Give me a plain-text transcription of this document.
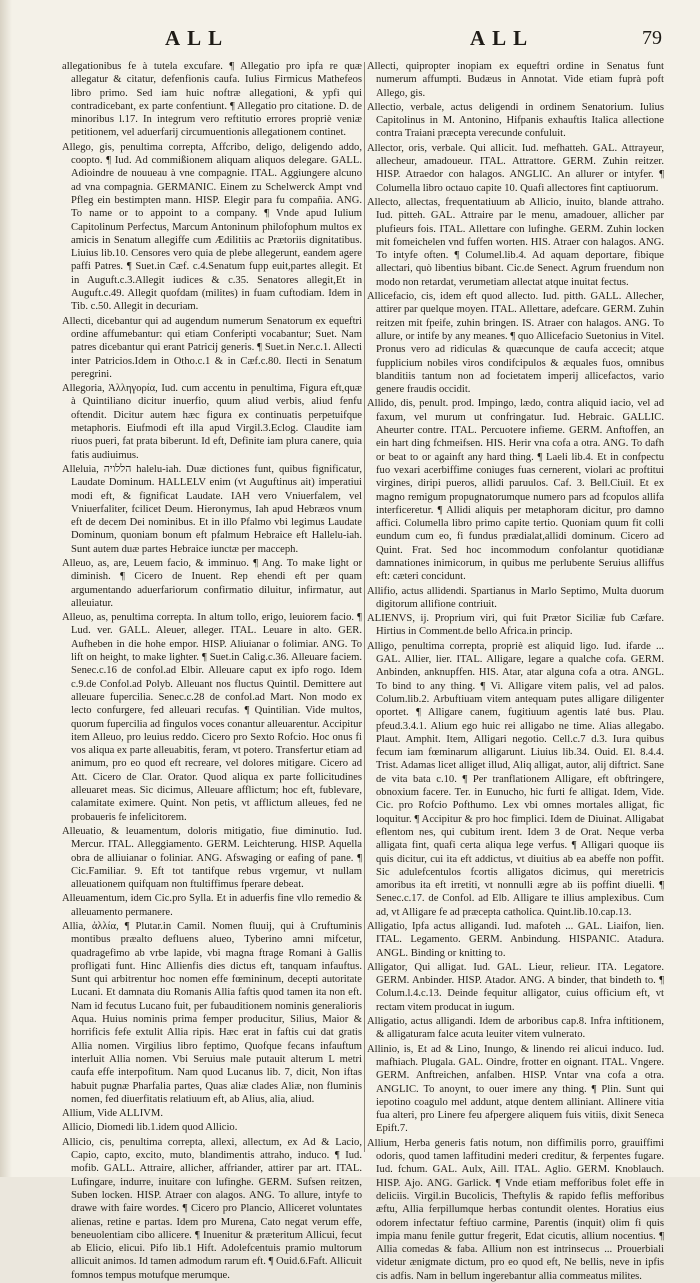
ALL	ALL	79

allegationibus fe à tutela excufare. ¶ Allegatio pro ipfa re quæ allegatur & citatur, defenfionis caufa. Iulius Firmicus Mathefeos libro primo. Sed iam huic noftræ allegationi, & ypfi qui contradicebant, ex parte confentiunt. ¶ Allegatio pro citatione. D. de minoribus l.17. In integrum vero reftitutio errores propriè veniæ petitionem, vel aduerfarij circumuentionis allegationem continet.

Allego, gis, penultima correpta, Affcribo, deligo, deligendo addo, coopto. ¶ Iud. Ad commißionem aliquam aliquos delegare. GALL. Adioindre de nouueau à vne compagnie. ITAL. Aggiungere alcuno ad vna compagnia. GERMANIC. Einem zu Schelwerck Ampt vnd Pfleg ein bestimpten mann. HISP. Elegir para fu compañia. ANG. To name or to appoint to a company. ¶ Vnde apud Iulium Capitolinum Perfectus, Marcum Antoninum philofophum multos ex amicis in Senatum allegiffe cum Ædilitiis ac Prætoriis dignitatibus. Liuius lib.10. Censores vero quia de plebe allegerunt, eandem agere paffi Patres. ¶ Suet.in Cæf. c.4.Senatum fupp euit,partes allegit. Et in Auguft.c.3.Allegit iudices & c.35. Senatores allegit,Et in Auguft.c.49. Allegit quofdam (milites) in fuam cuftodiam. Idem in Tib. c.50. Allegit in decuriam.

Allecti, dicebantur qui ad augendum numerum Senatorum ex equeftri ordine affumebantur: qui etiam Conferipti vocabantur; Suet. Nam patres dicebantur qui erant Patricij generis. ¶ Suet.in Ner.c.1. Allecti inter Patricios.Idem in Otho.c.1 & in Cæf.c.80. Ilecti in Senatum peregrini.

Allegoria, Ἀλληγορία, Iud. cum accentu in penultima, Figura eft,quæ à Quintiliano dicitur inuerfio, quum aliud verbis, aliud fenfu oftendit. Dicitur autem hæc figura ex continuatis perpetuifque metaphoris. Eiufmodi eft illa apud Virgil.3.Eclog. Claudite iam riuos pueri, fat prata biberunt. Id eft, Definite iam plura canere, quia fatis audiuimus.

Alleluia, הללויה halelu-iah. Duæ dictiones funt, quibus fignificatur, Laudate Dominum. HALLELV enim (vt Auguftinus ait) imperatiui modi eft, & fignificat Laudate. IAH vero Vniuerfalem, vel Vniuerfaliter, fcilicet Deum. Hieronymus, Iah apud Hebræos vnum eft de decem Dei nominibus. Et in illo Pfalmo vbi legimus Laudate Dominum, quoniam bonum eft pfalmum Hebraice eft Hallelu-iah. Sunt autem duæ partes Hebraice iunctæ per macceph.

Alleuo, as, are, Leuem facio, & imminuo. ¶ Ang. To make light or diminish. ¶ Cicero de Inuent. Rep ehendi eft per quam argumentando aduerfariorum confirmatio diluitur, infirmatur, aut alleuiatur.

Alleuo, as, penultima correpta. In altum tollo, erigo, leuiorem facio. ¶ Lud. ver. GALL. Aleuer, alleger. ITAL. Leuare in alto. GER. Aufheben in die hohe empor. HISP. Aliuianar o folimiar. ANG. To lift on height, to make lighter. ¶ Suet.in Calig.c.36. Alleuare faciem. Senec.c.16 de confol.ad Elbir. Alleuare caput ex ipfo rogo. Idem c.9.de Confol.ad Polyb. Alleuant nos fluctus Quintil. Demittere aut alleuare fupercilia. Senec.c.28 de confol.ad Mart. Non modo ex lecto confurgere, fed alleuari recufas. ¶ Quintilian. Vide multos, quorum fupercilia ad fingulos voces conantur alleuarentur. Accipitur item Alleuo, pro leuius reddo. Cicero pro Sexto Rofcio. Hoc onus fi vos aliqua ex parte alleuabitis, feram, vt potero. Transfertur etiam ad animum, pro eo quod eft recreare, vel dolores mitigare. Cicero ad Att. Cicero de Clar. Orator. Quod aliqua ex parte follicitudines alleuaret meas. Sic dicimus, Alleuare afflictum; hoc eft, fublevare, calamitate eximere. Quint. Non petis, vt afflictum alleues, fed ne probaueris fe infelicitorem.

Alleuatio, & leuamentum, doloris mitigatio, fiue diminutio. Iud. Mercur. ITAL. Alleggiamento. GERM. Leichterung. HISP. Aquella obra de alliuianar o foliniar. ANG. Afswaging or eafing of pane. ¶ Cic.Familiar. 9. Eft tot tantifque rebus vrgemur, vt nullam alleuationem quifquam non ftultiffimus fperare debeat.

Alleuamentum, idem Cic.pro Sylla. Et in aduerfis fine vllo remedio & alleuamento permanere.

Allia, ἀλλία, ¶ Plutar.in Camil. Nomen fluuij, qui à Cruftuminis montibus præalto defluens alueo, Tyberino amni mifcetur, quadragefimo ab vrbe lapide, vbi magna ftrage Romani à Gallis profligati funt. Hinc Allienfis dies dictus eft, tanquam infauftus. Sunt qui arbitrentur hoc nomen effe fœmininum, decepti autoritate Lucani. Et damnata diu Romanis Allia faftis quod tamen ita non eft. Nam id fecutus Lucano fuit, per fubauditionem nominis generalioris Aqua. Huius nominis prima femper producitur, Silius, Maior & horrificis fefe extulit Allia ripis. Hæc erat in faftis cui dat gratis Allia nomen. Virgilius libro feptimo, Quofque fecans infauftum interluit Allia nomen. Vbi Seruius male putauit alterum L metri caufa effe interpofitum. Nam quod Lucanus lib. 7, dicit, Non iftas habuit pugnæ Pharfalia partes, Quas aliæ clades Aliæ, non fluminis nomen, fed diuerfitatis relatiuum eft, ab Alius, alia, aliud.

Allium, Vide ALLIVM.

Allicio, Diomedi lib.1.idem quod Allicio.

Allicio, cis, penultima correpta, allexi, allectum, ex Ad & Lacio, Capio, capto, excito, muto, blandimentis attraho, induco. ¶ Iud. mofib. GALL. Attraire, allicher, affriander, attirer par art. ITAL. Lufingare, indurre, inuitare con lufinghe. GERM. Sufsen reitzen, Suben locken. HISP. Atraer con alagos. ANG. To allure, intyfe to drawe with faire wordes. ¶ Cicero pro Plancio, Alliceret voluntates alienas, retine e partas. Idem pro Murena, Cato negat verum effe, beneuolentiam cibo allicere. ¶ Inuenitur & præteritum Allicui, fecut ab Elicio, elicui. Pifo lib.1 Hift. Adolefcentuis pramio multorum allicuit animos. Id tamen admodum rarum eft. ¶ Ouid.6.Faft. Allicuit fomnos tempus motufque merumque.

Allecti, quipropter inopiam ex equeftri ordine in Senatus funt numerum affumpti. Budæus in Annotat. Vide etiam fuprà poft Allego, gis.

Allectio, verbale, actus deligendi in ordinem Senatorium. Iulius Capitolinus in M. Antonino, Hifpanis exhauftis Italica allectione contra Traiani præcepta verecunde confuluit.

Allector, oris, verbale. Qui allicit. Iud. mefhatteh. GAL. Attrayeur, allecheur, amadoueur. ITAL. Attrattore. GERM. Zuhin reitzer. HISP. Atraedor con halagos. ANGLIC. An allurer or intyfer. ¶ Columella libro octauo capite 10. Quafi allectores fint captiuorum.

Allecto, allectas, frequentatiuum ab Allicio, inuito, blande attraho. Iud. pitteh. GAL. Attraire par le menu, amadouer, allicher par plufieurs fois. ITAL. Allettare con lufinghe. GERM. Zuhin locken mit fomeichelen vnd fuffen worten. HIS. Atraer con halagos. ANG. To intyfe often. ¶ Columel.lib.4. Ad aquam deportare, fibique allectari, quò libentius bibant. Cic.de Senect. Agrum fruendum non modo non retardat, verumetiam allectat atque inuitat fectus.

Allicefacio, cis, idem eft quod allecto. Iud. pitth. GALL. Allecher, attirer par quelque moyen. ITAL. Allettare, adefcare. GERM. Zuhin reitzen mit fpeife, zuhin bringen. IS. Atraer con halagos. ANG. To allure, or intife by any meanes. ¶ quo Allicefacio Suetonius in Vitel. Pronus vero ad ridiculas & quæcunque de caufa accecit; atque fupplicium nobiles viros condifcipulos & æquales fuos, omnibus blanditiis tantum non ad focietatem imperij allicefactos, vario genere fraudis occidit.

Allido, dis, penult. prod. Impingo, lædo, contra aliquid iacio, vel ad faxum, vel murum ut confringatur. Iud. Hebraic. GALLIC. Aheurter contre. ITAL. Percuotere infieme. GERM. Anftoffen, an ein hart ding fchmeifsen. HIS. Herir vna cofa a otra. ANG. To dafh or beat to or againft any hard thing. ¶ Laeli lib.4. Et in confpectu fuo vexari acerbiffime coniuges fuas cernerent, violari ac proftitui virgines, diripi pueros, allidi paruulos. Caf. 3. Bell.Ciuil. Et ex magno remigum propugnatorumque numero pars ad fcopulos allifa interficeretur. ¶ Allidi aliquis per metaphoram dicitur, pro damno affici. Columella libro primo capite tertio. Quoniam quum fit colli eundum cum eo, fi fundus prædialat,allidi dominum. Cicero ad Quint. Frat. Sed hoc incommodum confolantur quotidianæ damnationes inimicorum, in quibus me perlubente Seruius alliffus eft: cæteri concidunt.

Allifio, actus allidendi. Spartianus in Marlo Septimo, Multa duorum digitorum allifione contriuit.

ALIENVS, ij. Proprium viri, qui fuit Prætor Siciliæ fub Cæfare. Hirtius in Comment.de bello Africa.in princip.

Alligo, penultima correpta, propriè est aliquid ligo. Iud. ifarde ... GAL. Allier, lier. ITAL. Alligare, legare a qualche cofa. GERM. Anbinden, anknupffen. HIS. Atar, atar alguna cofa a otra. ANGL. To bind to any thing. ¶ Vi. Alligare vitem palis, vel ad palos. Colum.lib.2. Arbuftiuam vitem antequam putes alligare diligenter oportet. ¶ Alligare canem, fugitiuum agentis laté bus. Plau. pfeud.3.4.1. Alium ego huic rei alligabo ne time. Alias allegabo. Plaut. Amphit. Item, Alligari negotio. Cell.c.7 d.3. Iura quibus fecum iam fœminarum alligarunt. Liuius lib.34. Ouid. El. 8.4.4. Trist. Adamas licet alliget illud, Aliq alligat, autor, alij diftrict. Sane de vita bata c.10. ¶ Per tranflationem Alligare, eft obftringere, obnoxium facere. Ter. in Eunucho, hic furti fe alligat. Idem, Vide. Cic. pro Rofcio Pofthumo. Lex vbi omnes mortales alligat, fic loquitur. ¶ Accipitur & pro hoc fimplici. Idem de Diuinat. Alligabat eflentom nes, qui cubitum irent. Idem 3 de Orat. Neque verba alligata fint, quafi certa aliqua lege verfus. ¶ Alligari quoque iis quis dicitur, cui ita eft addictus, vt diuitius ab ea abeffe non poffit. Sic adulefcentulos fcortis alligatos dicimus, qui meretricis amoribus ita eft irretiti, vt nonnulli ægre ab iis poffint diuelli. ¶ Senec.c.17. de Confol. ad Elb. Alligare te illius amplexibus. Cum ad, vt Alligare fe ad præcepta catholica. Quint.lib.10.cap.13.

Alligatio, Ipfa actus alligandi. Iud. mafoteh ... GAL. Liaifon, lien. ITAL. Legamento. GERM. Anbindung. HISPANIC. Atadura. ANGL. Binding or knitting to.

Alligator, Qui alligat. Iud. GAL. Lieur, relieur. ITA. Legatore. GERM. Anbinder. HISP. Atador. ANG. A binder, that bindeth to. ¶ Colum.l.4.c.13. Deinde fequitur alligator, cuius officium eft, vt rectam vitem producat in iugum.

Alligatio, actus alligandi. Idem de arboribus cap.8. Infra inftitionem, & alligaturam falce acuta leuiter vitem vulnerato.

Allinio, is, Et ad & Lino, Inungo, & linendo rei alicui induco. Iud. mafhiach. Plugala. GAL. Oindre, frotter en oignant. ITAL. Vngere. GERM. Anftreichen, anfalben. HISP. Vntar vna cofa a otra. ANGLIC. To anoynt, to ouer imere any thing. ¶ Plin. Sunt qui iepotino coagulo mel addunt, atque dentem alliniant. Allinere vitia fua alteri, pro Linere feu afpergere aliquem fuis vitiis, dixit Seneca Epift.7.

Allium, Herba generis fatis notum, non diffimilis porro, grauiffimi odoris, quod tamen laffitudini mederi creditur, & ferpentes fugare. Iud. fchum. GAL. Aulx, Aill. ITAL. Aglio. GERM. Knoblauch. HISP. Ajo. ANG. Garlick. ¶ Vnde etiam mefforibus folet effe in deliciis. Virgil.in Bucolicis, Theftylis & rapido feflis mefforibus æftu, Allia ferpillumque herbas contundit olentes. Horatius eius odorem infectatur feftiuo carmine, Parentis (inquit) olim fi quis impia manu fenile guttur fregerit, Edat cicutis, allium nocentius. ¶ Allia comedas & faba. Allium non est intrinsecus ... Prouerbiali videtur ænigmate dictum, pro eo quod eft, Ne bellis, neve in ipfis cis adfis. Nam in bellum ingerebantur allia commeatus milites.
